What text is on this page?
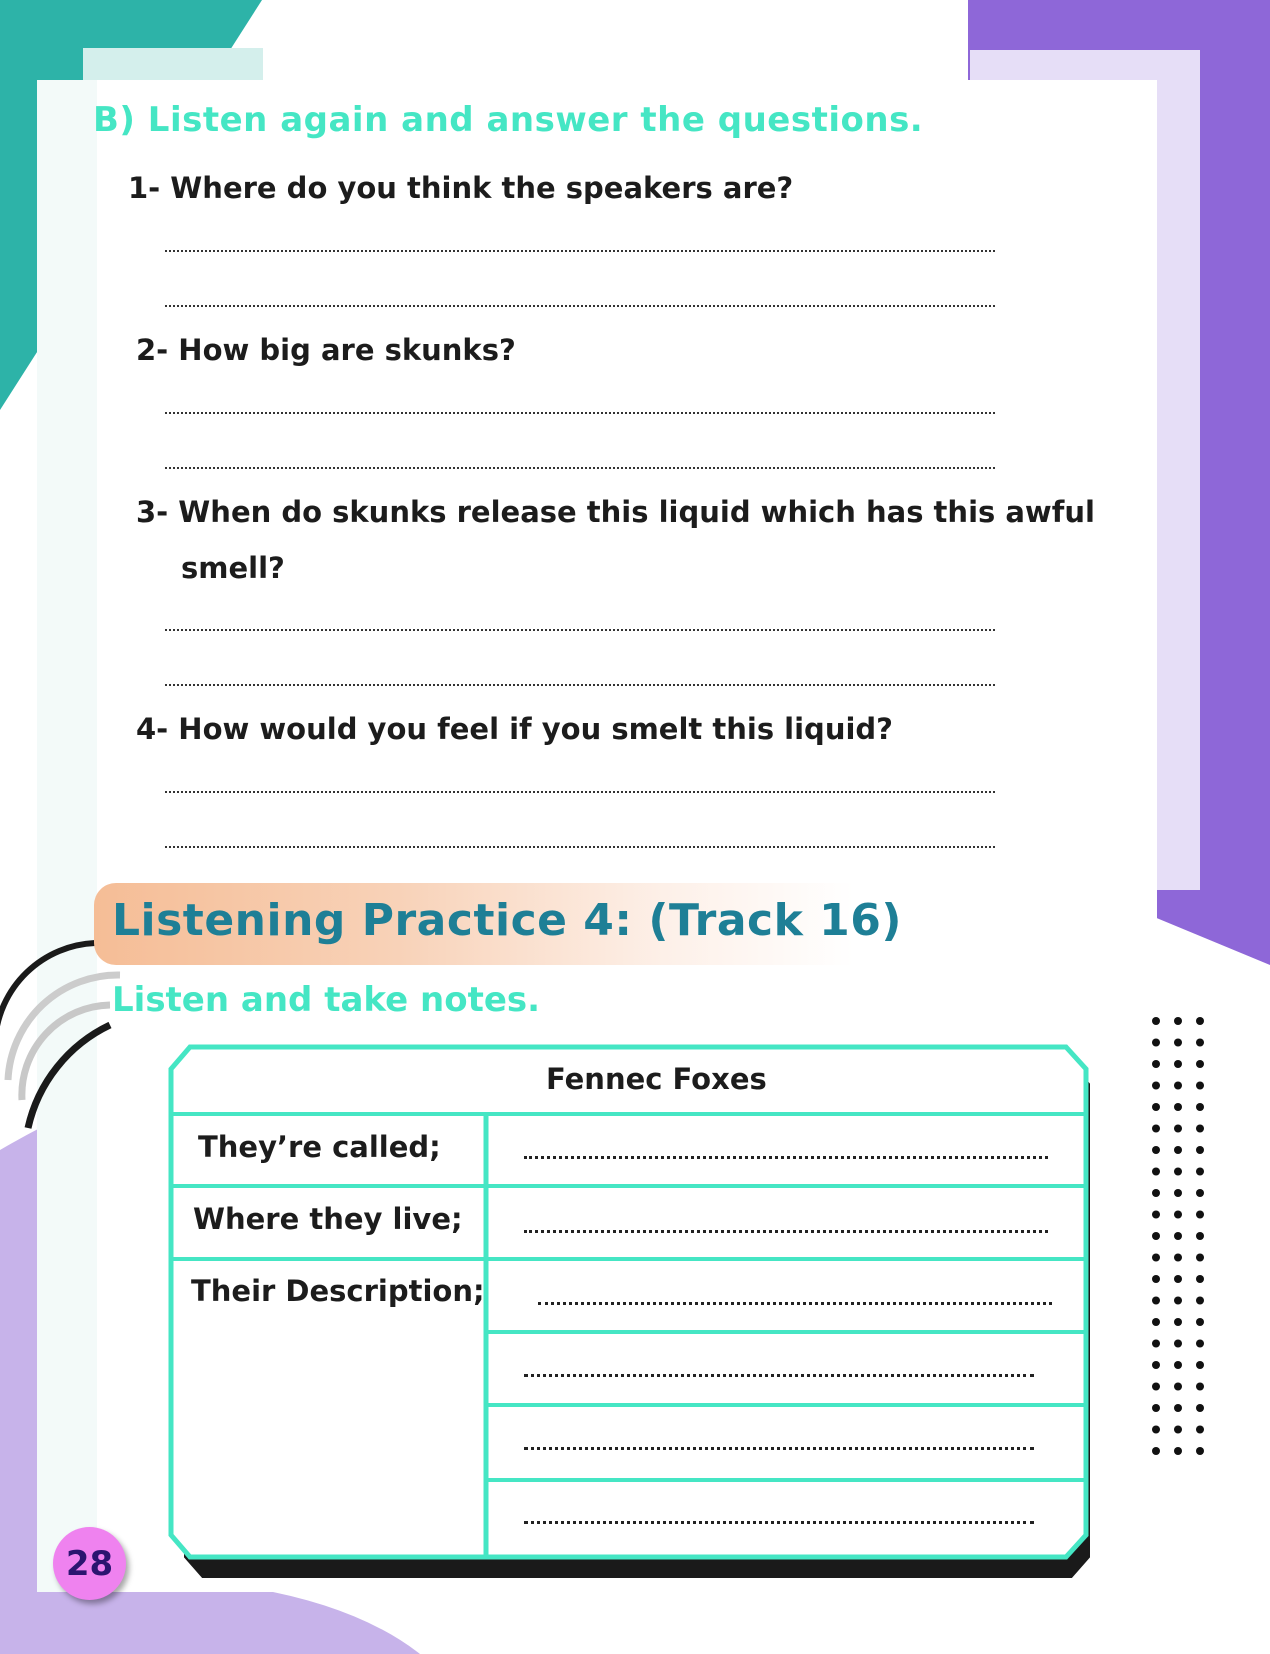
B) Listen again and answer the questions.

1- Where do you think the speakers are?

2- How big are skunks?

3- When do skunks release this liquid which has this awful
smell?

4- How would you feel if you smelt this liquid?

Listening Practice 4: (Track 16)
Listen and take notes.

Fennec Foxes

They’re called;

Where they live;

Their Description;

28
